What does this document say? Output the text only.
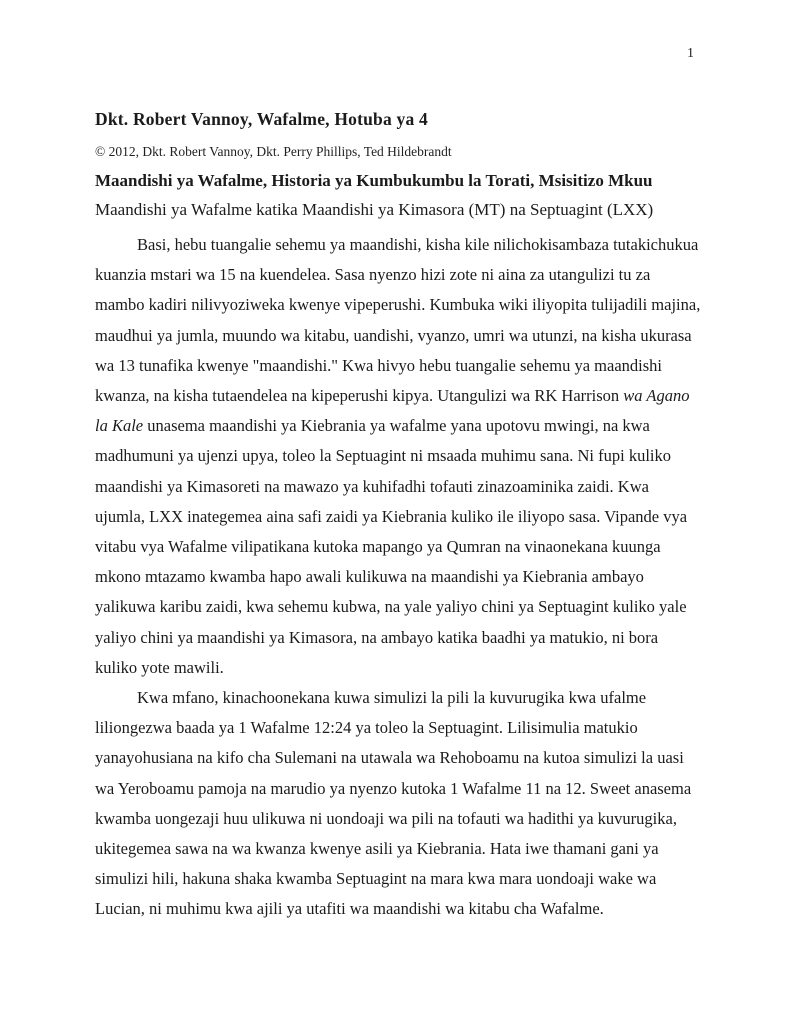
1
Dkt. Robert Vannoy, Wafalme, Hotuba ya 4
© 2012, Dkt. Robert Vannoy, Dkt. Perry Phillips, Ted Hildebrandt
Maandishi ya Wafalme, Historia ya Kumbukumbu la Torati, Msisitizo Mkuu
Maandishi ya Wafalme katika Maandishi ya Kimasora (MT) na Septuagint (LXX)

Basi, hebu tuangalie sehemu ya maandishi, kisha kile nilichokisambaza tutakichukua kuanzia mstari wa 15 na kuendelea. Sasa nyenzo hizi zote ni aina za utangulizi tu za mambo kadiri nilivyoziweka kwenye vipeperushi. Kumbuka wiki iliyopita tulijadili majina, maudhui ya jumla, muundo wa kitabu, uandishi, vyanzo, umri wa utunzi, na kisha ukurasa wa 13 tunafika kwenye "maandishi." Kwa hivyo hebu tuangalie sehemu ya maandishi kwanza, na kisha tutaendelea na kipeperushi kipya. Utangulizi wa RK Harrison wa Agano la Kale unasema maandishi ya Kiebrania ya wafalme yana upotovu mwingi, na kwa madhumuni ya ujenzi upya, toleo la Septuagint ni msaada muhimu sana. Ni fupi kuliko maandishi ya Kimasoreti na mawazo ya kuhifadhi tofauti zinazoaminika zaidi. Kwa ujumla, LXX inategemea aina safi zaidi ya Kiebrania kuliko ile iliyopo sasa. Vipande vya vitabu vya Wafalme vilipatikana kutoka mapango ya Qumran na vinaonekana kuunga mkono mtazamo kwamba hapo awali kulikuwa na maandishi ya Kiebrania ambayo yalikuwa karibu zaidi, kwa sehemu kubwa, na yale yaliyo chini ya Septuagint kuliko yale yaliyo chini ya maandishi ya Kimasora, na ambayo katika baadhi ya matukio, ni bora kuliko yote mawili.

Kwa mfano, kinachoonekana kuwa simulizi la pili la kuvurugika kwa ufalme liliongezwa baada ya 1 Wafalme 12:24 ya toleo la Septuagint. Lilisimulia matukio yanayohusiana na kifo cha Sulemani na utawala wa Rehoboamu na kutoa simulizi la uasi wa Yeroboamu pamoja na marudio ya nyenzo kutoka 1 Wafalme 11 na 12. Sweet anasema kwamba uongezaji huu ulikuwa ni uondoaji wa pili na tofauti wa hadithi ya kuvurugika, ukitegemea sawa na wa kwanza kwenye asili ya Kiebrania. Hata iwe thamani gani ya simulizi hili, hakuna shaka kwamba Septuagint na mara kwa mara uondoaji wake wa Lucian, ni muhimu kwa ajili ya utafiti wa maandishi wa kitabu cha Wafalme.
